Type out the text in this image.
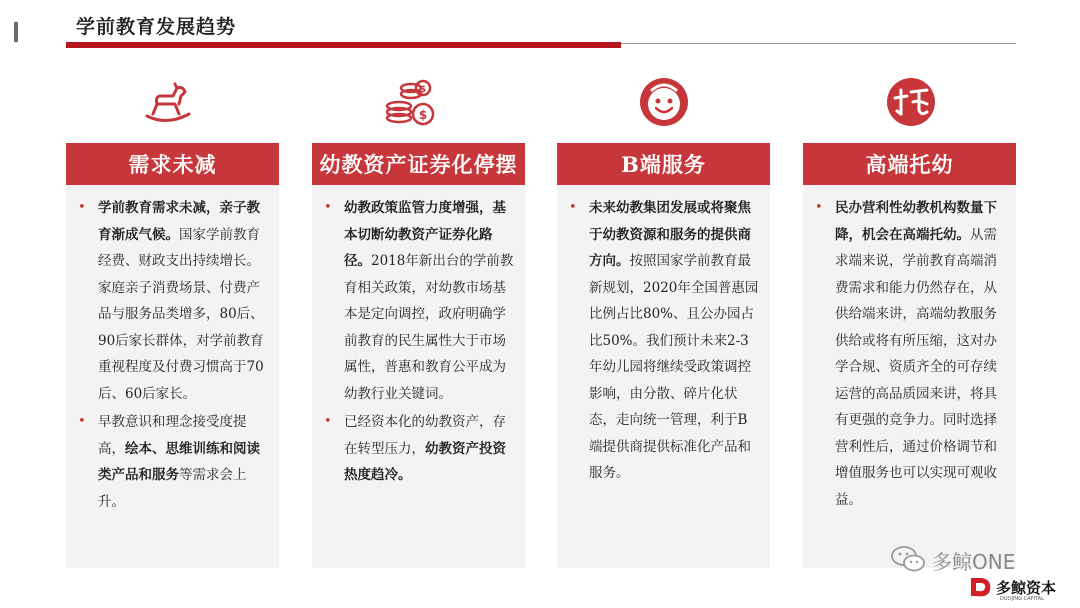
学前教育发展趋势
$
$
需求未减
• 学前教育需求未减，亲子教育渐成气候。国家学前教育经费、财政支出持续增长。家庭亲子消费场景、付费产品与服务品类增多，80后、90后家长群体，对学前教育重视程度及付费习惯高于70后、60后家长。
• 早教意识和理念接受度提高，绘本、思维训练和阅读类产品和服务等需求会上升。
幼教资产证券化停摆
• 幼教政策监管力度增强，基本切断幼教资产证券化路径。2018年新出台的学前教育相关政策，对幼教市场基本是定向调控，政府明确学前教育的民生属性大于市场属性，普惠和教育公平成为幼教行业关键词。
• 已经资本化的幼教资产，存在转型压力，幼教资产投资热度趋冷。
B端服务
• 未来幼教集团发展或将聚焦于幼教资源和服务的提供商方向。按照国家学前教育最新规划，2020年全国普惠园比例占比80%、且公办园占比50%。我们预计未来2-3年幼儿园将继续受政策调控影响，由分散、碎片化状态，走向统一管理，利于B端提供商提供标准化产品和服务。
高端托幼
• 民办营利性幼教机构数量下降，机会在高端托幼。从需求端来说，学前教育高端消费需求和能力仍然存在，从供给端来讲，高端幼教服务供给或将有所压缩，这对办学合规、资质齐全的可存续运营的高品质园来讲，将具有更强的竞争力。同时选择营利性后，通过价格调节和增值服务也可以实现可观收益。
多鲸ONE
多鲸资本
DUOJING CAPITAL
